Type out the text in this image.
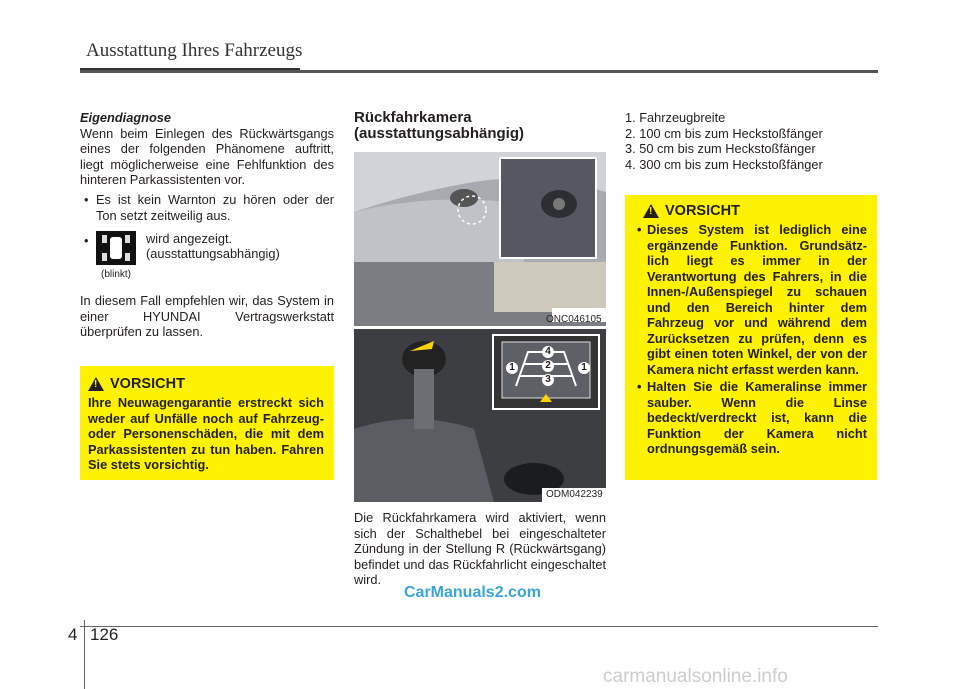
Ausstattung Ihres Fahrzeugs

Eigendiagnose

Wenn beim Einlegen des Rückwärtsgangs eines der folgenden Phänomene auftritt, liegt möglicherweise eine Fehlfunktion des hinteren Parkassistenten vor.

• Es ist kein Warnton zu hören oder der Ton setzt zeitweilig aus.

•	wird angezeigt.
(ausstattungsabhängig)
(blinkt)

In diesem Fall empfehlen wir, das System in einer HYUNDAI Vertragswerkstatt überprüfen zu lassen.

!
VORSICHT
Ihre Neuwagengarantie erstreckt sich weder auf Unfälle noch auf Fahrzeug- oder Personenschäden, die mit dem Parkassistenten zu tun haben. Fahren Sie stets vorsichtig.
Rückfahrkamera
(ausstattungsabhängig)
ONC046105
1	2
3
4
1
ODM042239
Die Rückfahrkamera wird aktiviert, wenn sich der Schalthebel bei eingeschalteter Zündung in der Stellung R (Rückwärtsgang) befindet und das Rückfahrlicht eingeschaltet wird.
1. Fahrzeugbreite
2. 100 cm bis zum Heckstoßfänger
3. 50 cm bis zum Heckstoßfänger
4. 300 cm bis zum Heckstoßfänger
!
VORSICHT
• Dieses System ist lediglich eine ergänzende Funktion. Grundsätz-lich liegt es immer in der Verantwortung des Fahrers, in die Innen-/Außenspiegel zu schauen und den Bereich hinter dem Fahrzeug vor und während dem Zurücksetzen zu prüfen, denn es gibt einen toten Winkel, der von der Kamera nicht erfasst werden kann.
• Halten Sie die Kameralinse immer sauber. Wenn die Linse bedeckt/verdreckt ist, kann die Funktion der Kamera nicht ordnungsgemäß sein.
CarManuals2.com
4 126
carmanualsonline.info
